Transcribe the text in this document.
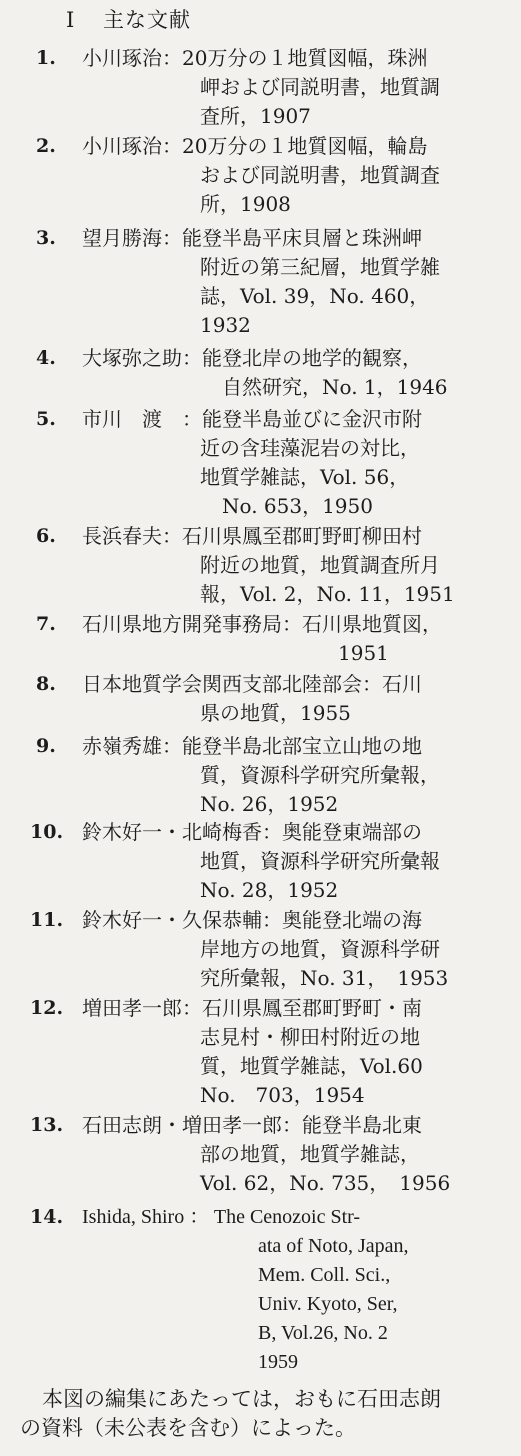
I 主な文献
1. 小川琢治：20万分の１地質図幅，珠洲
岬および同説明書，地質調
査所，1907
2. 小川琢治：20万分の１地質図幅，輪島
および同説明書，地質調査
所，1908
3. 望月勝海：能登半島平床貝層と珠洲岬
附近の第三紀層，地質学雑
誌，Vol. 39，No. 460，
1932
4. 大塚弥之助：能登北岸の地学的観察，
自然研究，No. 1，1946
5. 市川　渡　：能登半島並びに金沢市附
近の含珪藻泥岩の対比，
地質学雑誌，Vol. 56，
No. 653，1950
6. 長浜春夫：石川県鳳至郡町野町柳田村
附近の地質，地質調査所月
報，Vol. 2，No. 11，1951
7. 石川県地方開発事務局：石川県地質図，
1951
8. 日本地質学会関西支部北陸部会：石川
県の地質，1955
9. 赤嶺秀雄：能登半島北部宝立山地の地
質，資源科学研究所彙報，
No. 26，1952
10. 鈴木好一・北崎梅香：奥能登東端部の
地質，資源科学研究所彙報
No. 28，1952
11. 鈴木好一・久保恭輔：奥能登北端の海
岸地方の地質，資源科学研
究所彙報，No. 31，　1953
12. 増田孝一郎：石川県鳳至郡町野町・南
志見村・柳田村附近の地
質，地質学雑誌，Vol.60
No.　703，1954
13. 石田志朗・増田孝一郎：能登半島北東
部の地質，地質学雑誌，
Vol. 62，No. 735，　1956
14. Ishida, Shiro ： The Cenozoic Str-
ata of Noto, Japan,
Mem. Coll. Sci.,
Univ. Kyoto, Ser,
B, Vol.26, No. 2
1959
本図の編集にあたっては，おもに石田志朗
の資料（未公表を含む）によった。
